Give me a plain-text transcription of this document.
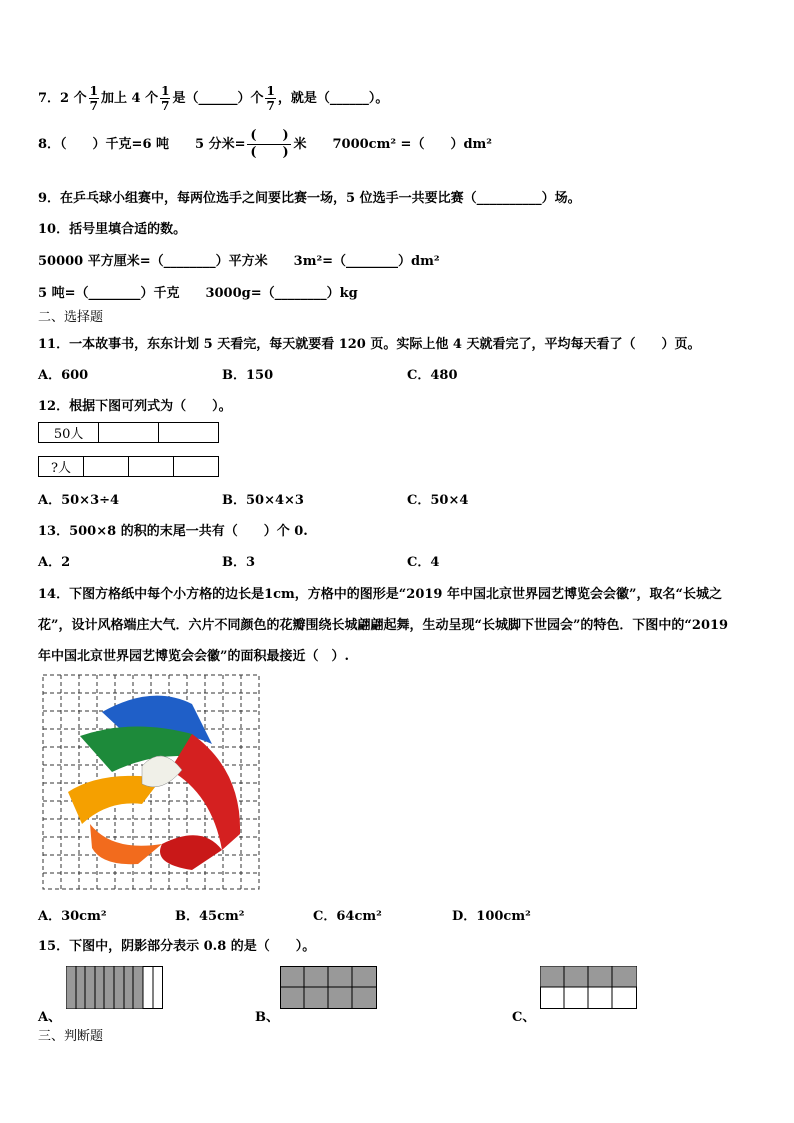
7．2 个 $\frac{1}{7}$ 加上 4 个 $\frac{1}{7}$ 是（______）个 $\frac{1}{7}$ ，就是（______）。
8．（　　）千克=6 吨　　5 分米=
(　　)
(　　)
米　　7000cm² =（　　）dm²
9．在乒乓球小组赛中，每两位选手之间要比赛一场，5 位选手一共要比赛（__________）场。
10．括号里填合适的数。
50000 平方厘米=（________）平方米　　3m²=（________）dm²
5 吨=（________）千克　　3000g=（________）kg
二、选择题
11．一本故事书，东东计划 5 天看完，每天就要看 120 页。实际上他 4 天就看完了，平均每天看了（　　）页。
A．600	B．150	C．480
12．根据下图可列式为（　　）。
50人		
?人			
A．50×3÷4	B．50×4×3	C．50×4
13．500×8 的积的末尾一共有（　　）个 0.
A．2	B．3	C．4
14．下图方格纸中每个小方格的边长是1cm，方格中的图形是“2019 年中国北京世界园艺博览会会徽”，取名“长城之
花”，设计风格端庄大气．六片不同颜色的花瓣围绕长城翩翩起舞，生动呈现“长城脚下世园会”的特色．下图中的“2019
年中国北京世界园艺博览会会徽”的面积最接近（　）.
A．30cm²	B．45cm²	C．64cm²	D．100cm²
15．下图中，阴影部分表示 0.8 的是（　　）。
A、	B、	C、
三、判断题
